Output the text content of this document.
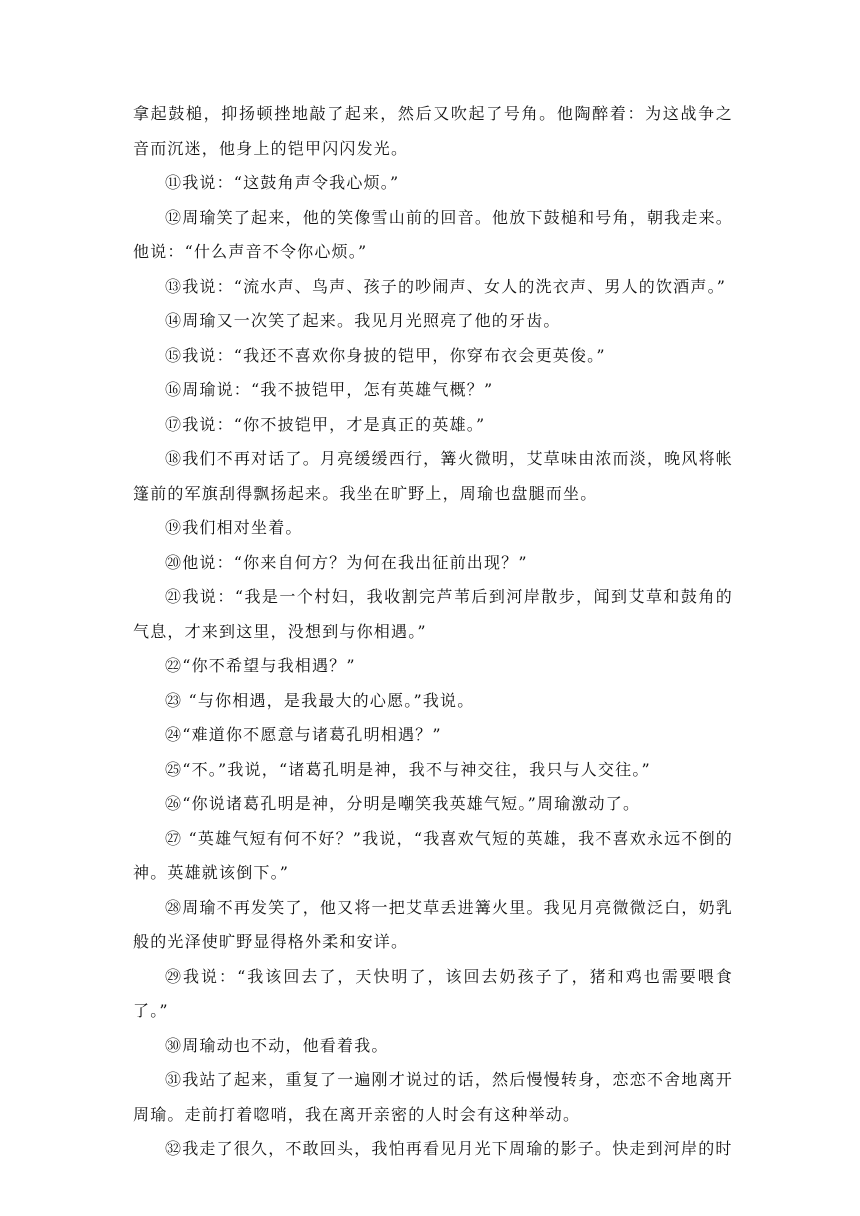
拿起鼓槌，抑扬顿挫地敲了起来，然后又吹起了号角。他陶醉着：为这战争之音而沉迷，他身上的铠甲闪闪发光。

⑪我说：“这鼓角声令我心烦。”

⑫周瑜笑了起来，他的笑像雪山前的回音。他放下鼓槌和号角，朝我走来。他说：“什么声音不令你心烦。”

⑬我说：“流水声、鸟声、孩子的吵闹声、女人的洗衣声、男人的饮酒声。”

⑭周瑜又一次笑了起来。我见月光照亮了他的牙齿。

⑮我说：“我还不喜欢你身披的铠甲，你穿布衣会更英俊。”

⑯周瑜说：“我不披铠甲，怎有英雄气概？”

⑰我说：“你不披铠甲，才是真正的英雄。”

⑱我们不再对话了。月亮缓缓西行，篝火微明，艾草味由浓而淡，晚风将帐篷前的军旗刮得飘扬起来。我坐在旷野上，周瑜也盘腿而坐。

⑲我们相对坐着。

⑳他说：“你来自何方？为何在我出征前出现？”

㉑我说：“我是一个村妇，我收割完芦苇后到河岸散步，闻到艾草和鼓角的气息，才来到这里，没想到与你相遇。”

㉒“你不希望与我相遇？”

㉓ “与你相遇，是我最大的心愿。”我说。

㉔“难道你不愿意与诸葛孔明相遇？”

㉕“不。”我说，“诸葛孔明是神，我不与神交往，我只与人交往。”

㉖“你说诸葛孔明是神，分明是嘲笑我英雄气短。”周瑜激动了。

㉗ “英雄气短有何不好？”我说，“我喜欢气短的英雄，我不喜欢永远不倒的神。英雄就该倒下。”

㉘周瑜不再发笑了，他又将一把艾草丢进篝火里。我见月亮微微泛白，奶乳般的光泽使旷野显得格外柔和安详。

㉙我说：“我该回去了，天快明了，该回去奶孩子了，猪和鸡也需要喂食了。”

㉚周瑜动也不动，他看着我。

㉛我站了起来，重复了一遍刚才说过的话，然后慢慢转身，恋恋不舍地离开周瑜。走前打着唿哨，我在离开亲密的人时会有这种举动。

㉜我走了很久，不敢回头，我怕再看见月光下周瑜的影子。快走到河岸的时
